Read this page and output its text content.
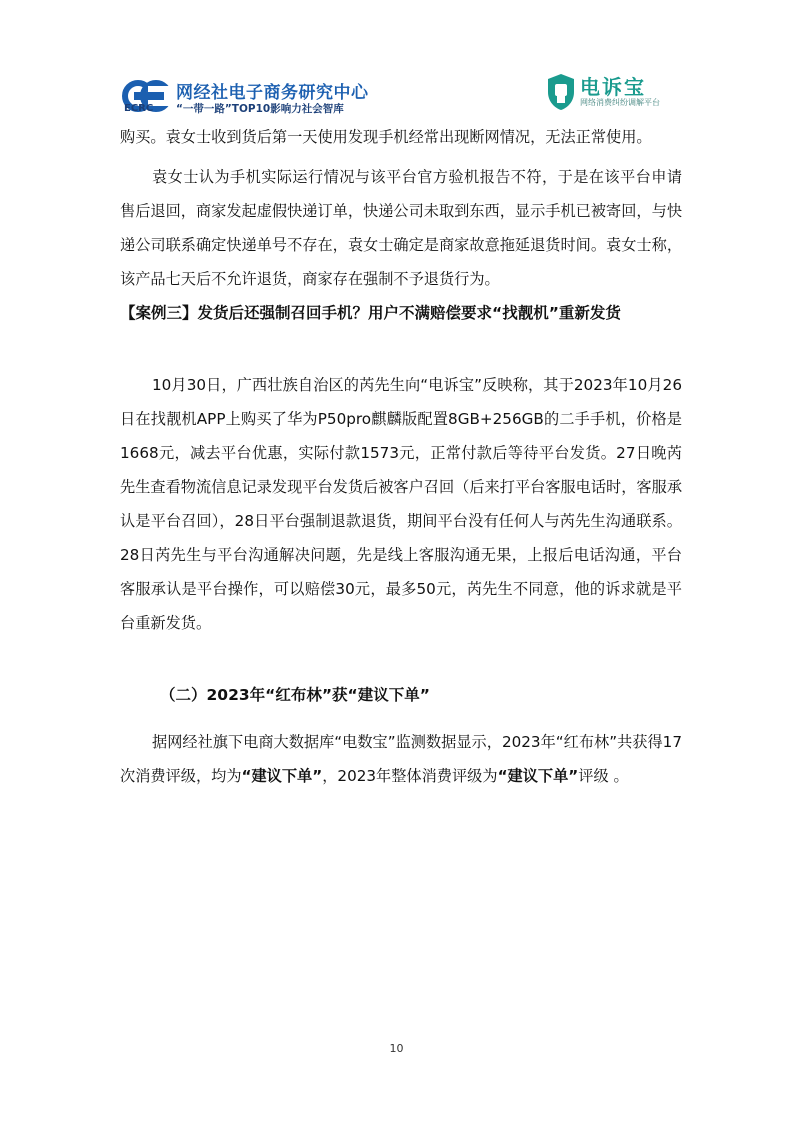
ECRC
网经社电子商务研究中心
“一带一路”TOP10影响力社会智库
电诉宝
网络消费纠纷调解平台

购买。袁女士收到货后第一天使用发现手机经常出现断网情况，无法正常使用。

袁女士认为手机实际运行情况与该平台官方验机报告不符，于是在该平台申请售后退回，商家发起虚假快递订单，快递公司未取到东西，显示手机已被寄回，与快递公司联系确定快递单号不存在，袁女士确定是商家故意拖延退货时间。袁女士称，该产品七天后不允许退货，商家存在强制不予退货行为。

【案例三】发货后还强制召回手机？用户不满赔偿要求“找靓机”重新发货

10月30日，广西壮族自治区的芮先生向“电诉宝”反映称，其于2023年10月26日在找靓机APP上购买了华为P50pro麒麟版配置8GB+256GB的二手手机，价格是1668元，减去平台优惠，实际付款1573元，正常付款后等待平台发货。27日晚芮先生查看物流信息记录发现平台发货后被客户召回（后来打平台客服电话时，客服承认是平台召回），28日平台强制退款退货，期间平台没有任何人与芮先生沟通联系。28日芮先生与平台沟通解决问题，先是线上客服沟通无果，上报后电话沟通，平台客服承认是平台操作，可以赔偿30元，最多50元，芮先生不同意，他的诉求就是平台重新发货。

（二）2023年“红布林”获“建议下单”

据网经社旗下电商大数据库“电数宝”监测数据显示，2023年“红布林”共获得17次消费评级，均为“建议下单”，2023年整体消费评级为“建议下单”评级 。

10
